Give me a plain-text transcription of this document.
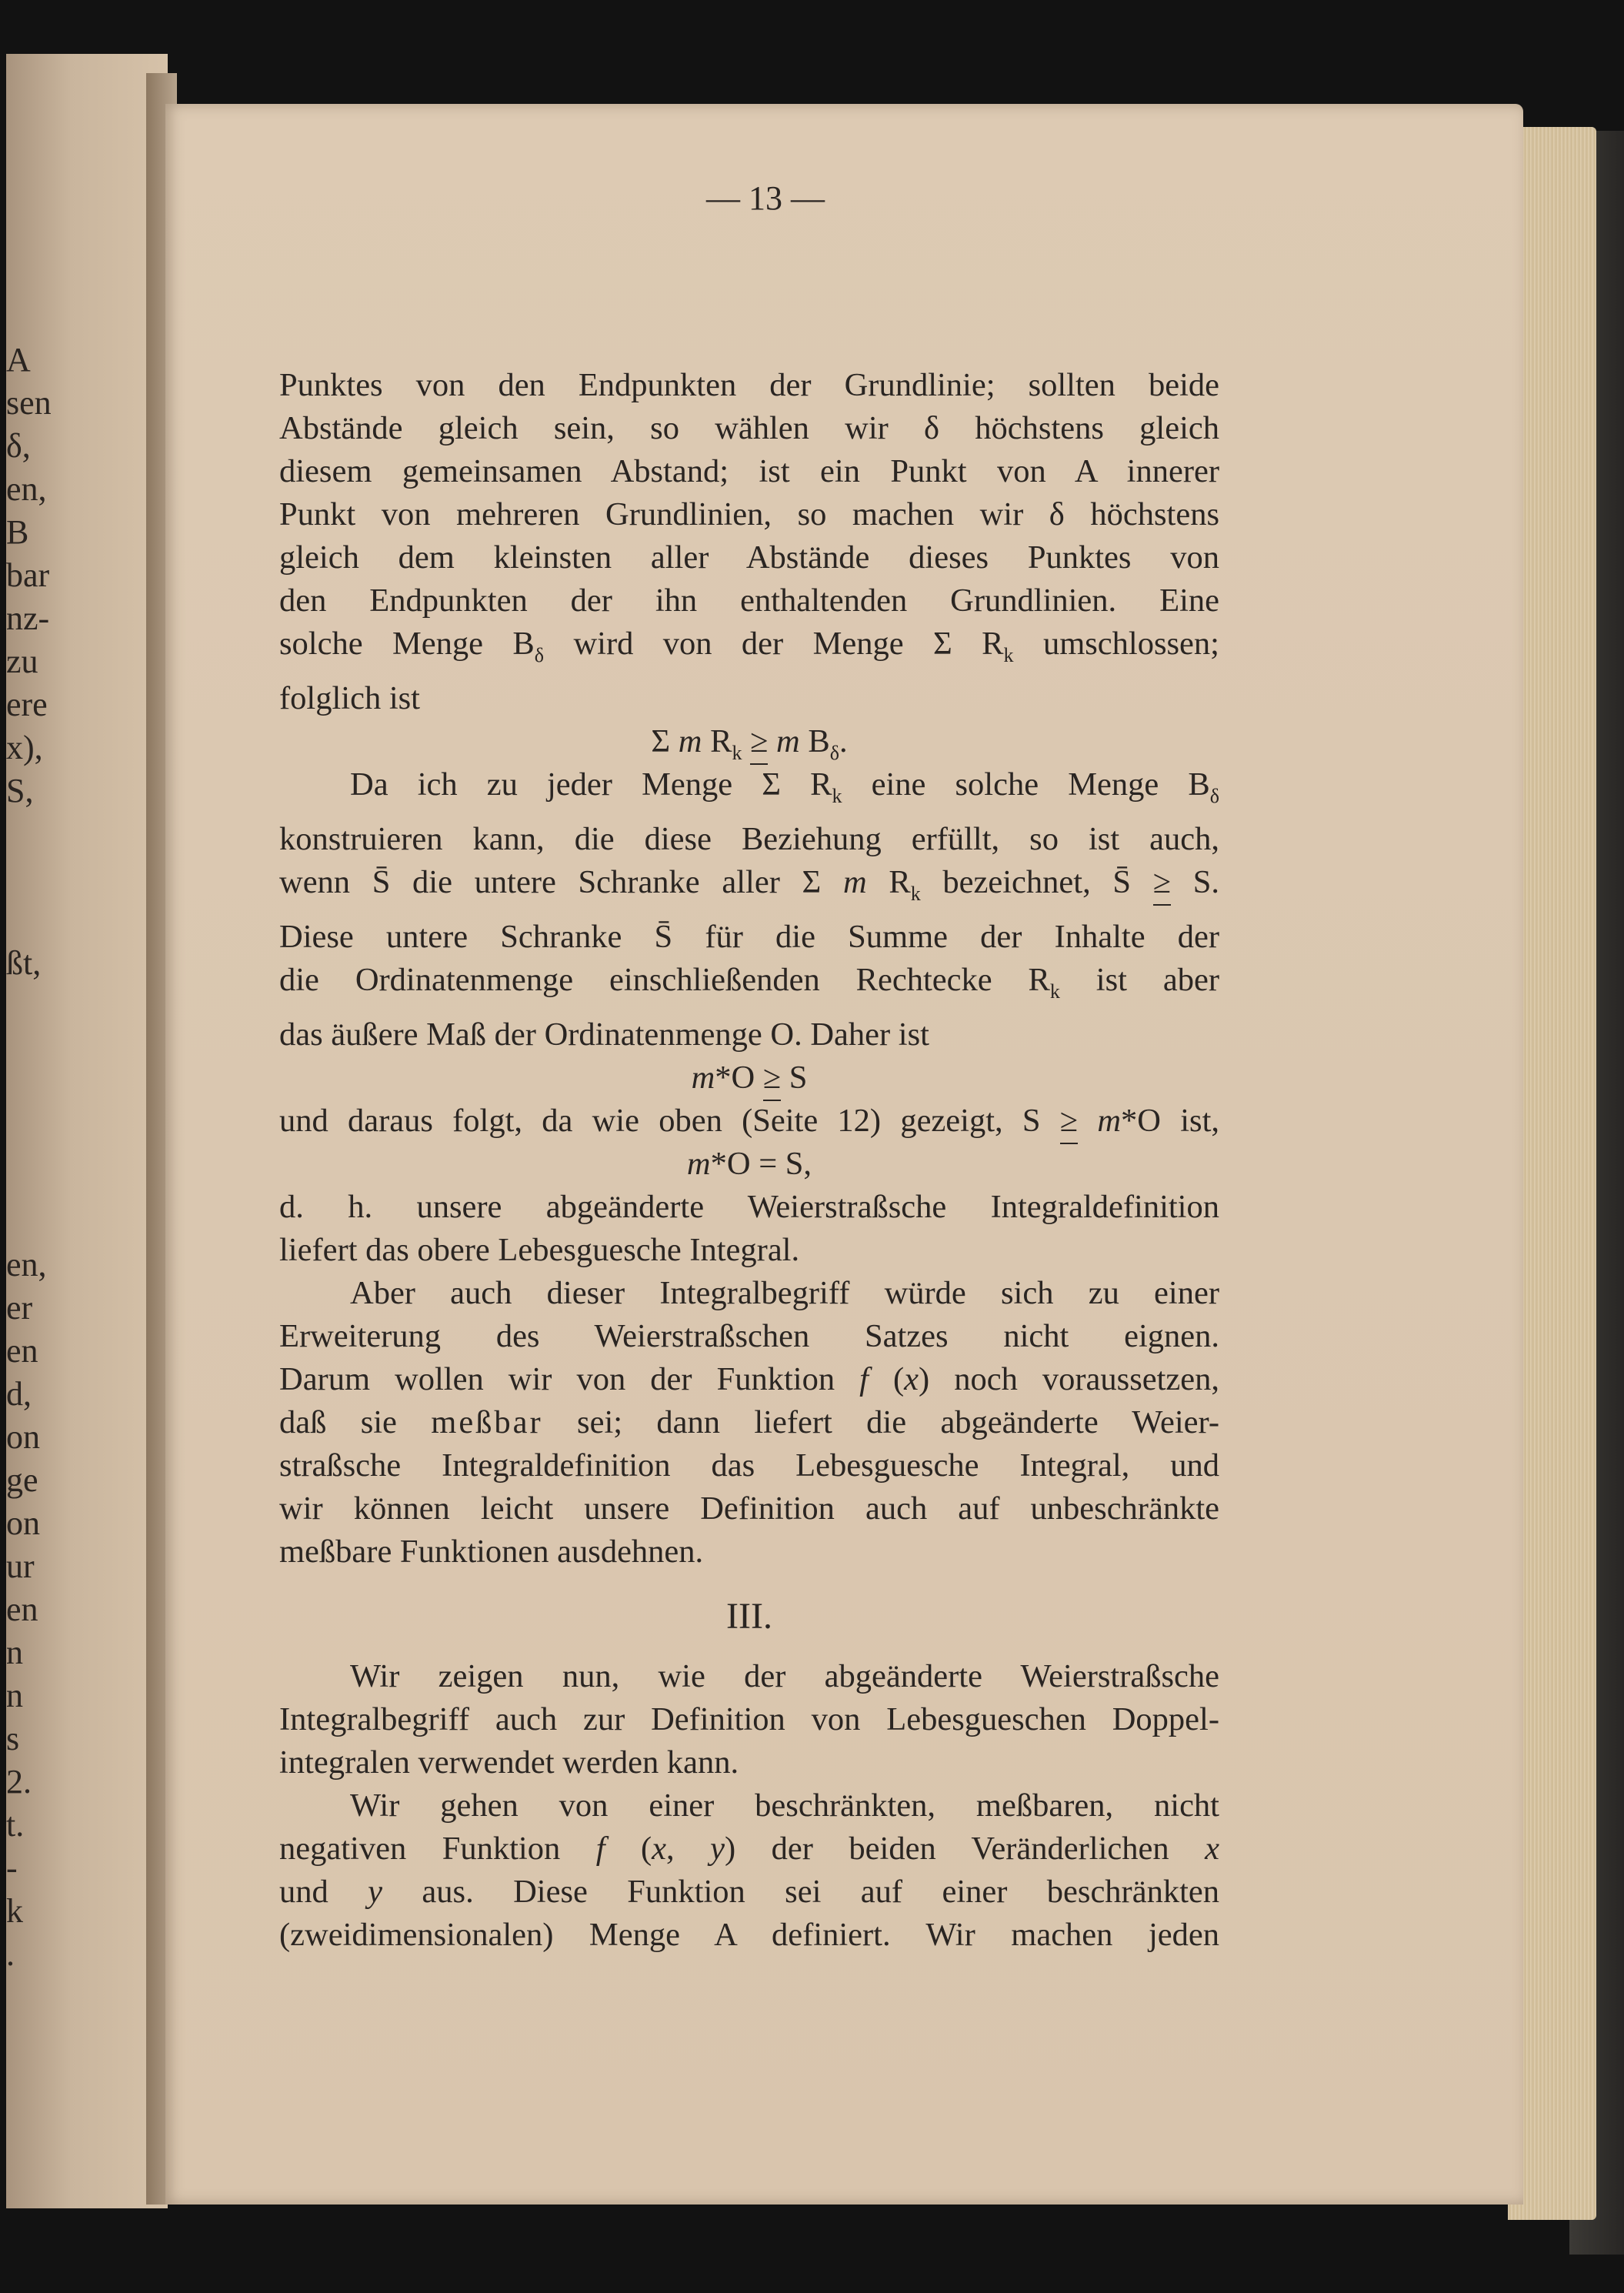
A
sen
δ,
en,
B
bar
nz-
zu
ere
x),
S,
ßt,
en,
er
en
d,
on
ge
on
ur
en
n
n
s
2.
t.
-
k
.
— 13 —

Punktes von den Endpunkten der Grundlinie; sollten beide

Abstände gleich sein, so wählen wir δ höchstens gleich

diesem gemeinsamen Abstand; ist ein Punkt von A innerer

Punkt von mehreren Grundlinien, so machen wir δ höchstens

gleich dem kleinsten aller Abstände dieses Punktes von

den Endpunkten der ihn enthaltenden Grundlinien. Eine

solche Menge $B_\delta$ wird von der Menge Σ $R_k$ umschlossen;

folglich ist

Σ m $R_k \ge m$ $B_\delta$.

Da ich zu jeder Menge Σ $R_k$ eine solche Menge $B_\delta$

konstruieren kann, die diese Beziehung erfüllt, so ist auch,

wenn S̄ die untere Schranke aller Σ m $R_k$ bezeichnet, S̄ ≥ S.

Diese untere Schranke S̄ für die Summe der Inhalte der

die Ordinatenmenge einschließenden Rechtecke $R_k$ ist aber

das äußere Maß der Ordinatenmenge O. Daher ist

m*O ≥ S

und daraus folgt, da wie oben (Seite 12) gezeigt, S ≥ m*O ist,

m*O = S,

d. h. unsere abgeänderte Weierstraßsche Integraldefinition

liefert das obere Lebesguesche Integral.

Aber auch dieser Integralbegriff würde sich zu einer

Erweiterung des Weierstraßschen Satzes nicht eignen.

Darum wollen wir von der Funktion f (x) noch voraussetzen,

daß sie meßbar sei; dann liefert die abgeänderte Weier-

straßsche Integraldefinition das Lebesguesche Integral, und

wir können leicht unsere Definition auch auf unbeschränkte

meßbare Funktionen ausdehnen.

III.

Wir zeigen nun, wie der abgeänderte Weierstraßsche

Integralbegriff auch zur Definition von Lebesgueschen Doppel-

integralen verwendet werden kann.

Wir gehen von einer beschränkten, meßbaren, nicht

negativen Funktion f (x, y) der beiden Veränderlichen x

und y aus. Diese Funktion sei auf einer beschränkten

(zweidimensionalen) Menge A definiert. Wir machen jeden
